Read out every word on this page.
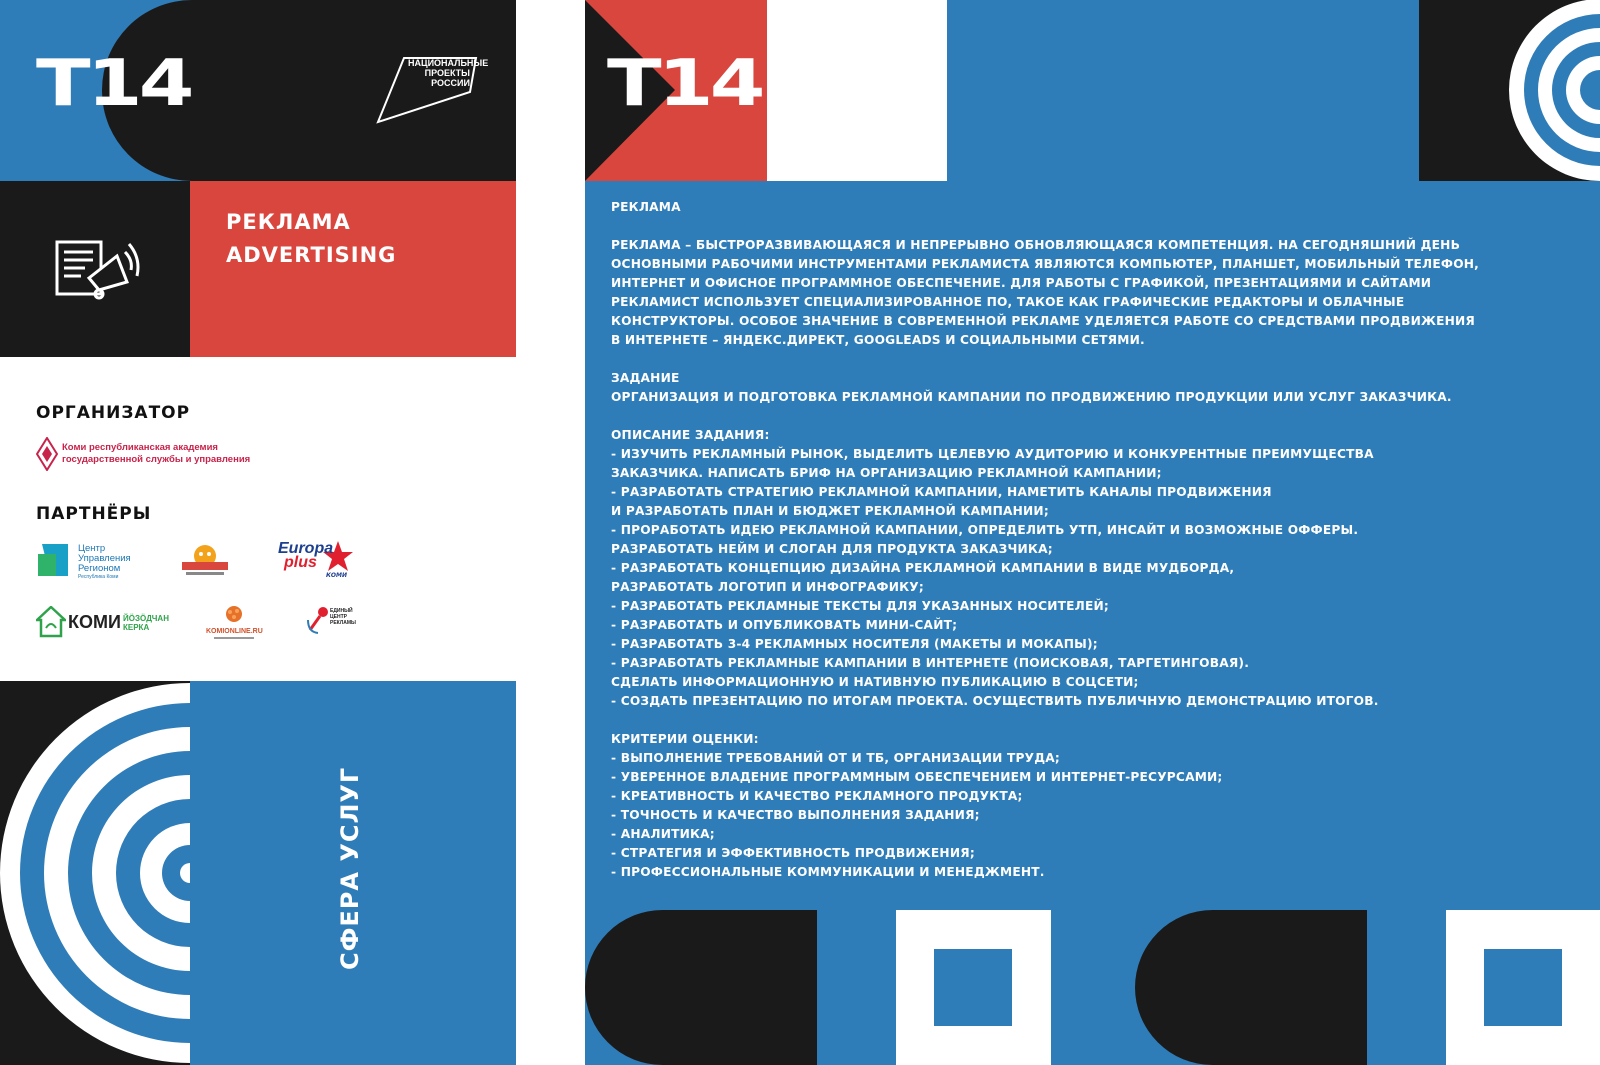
T14	НАЦИОНАЛЬНЫЕ ПРОЕКТЫ РОССИИ
РЕКЛАМА
ADVERTISING
ОРГАНИЗАТОР
Коми республиканская академия
государственной службы и управления
ПАРТНЁРЫ
Центр
Управления
Регионом
Республика Коми
Europa
plus
КОМИ
КОМИ ЙӦЗӦДЧАН
КЕРКА	KOMIONLINE.RU
ЕДИНЫЙ
ЦЕНТР
РЕКЛАМЫ
СФЕРА УСЛУГ
T14
РЕКЛАМА
РЕКЛАМА – БЫСТРОРАЗВИВАЮЩАЯСЯ И НЕПРЕРЫВНО ОБНОВЛЯЮЩАЯСЯ КОМПЕТЕНЦИЯ. НА СЕГОДНЯШНИЙ ДЕНЬ
ОСНОВНЫМИ РАБОЧИМИ ИНСТРУМЕНТАМИ РЕКЛАМИСТА ЯВЛЯЮТСЯ КОМПЬЮТЕР, ПЛАНШЕТ, МОБИЛЬНЫЙ ТЕЛЕФОН,
ИНТЕРНЕТ И ОФИСНОЕ ПРОГРАММНОЕ ОБЕСПЕЧЕНИЕ. ДЛЯ РАБОТЫ С ГРАФИКОЙ, ПРЕЗЕНТАЦИЯМИ И САЙТАМИ
РЕКЛАМИСТ ИСПОЛЬЗУЕТ СПЕЦИАЛИЗИРОВАННОЕ ПО, ТАКОЕ КАК ГРАФИЧЕСКИЕ РЕДАКТОРЫ И ОБЛАЧНЫЕ
КОНСТРУКТОРЫ. ОСОБОЕ ЗНАЧЕНИЕ В СОВРЕМЕННОЙ РЕКЛАМЕ УДЕЛЯЕТСЯ РАБОТЕ СО СРЕДСТВАМИ ПРОДВИЖЕНИЯ
В ИНТЕРНЕТЕ – ЯНДЕКС.ДИРЕКТ, GOOGLEADS И СОЦИАЛЬНЫМИ СЕТЯМИ.
ЗАДАНИЕ
ОРГАНИЗАЦИЯ И ПОДГОТОВКА РЕКЛАМНОЙ КАМПАНИИ ПО ПРОДВИЖЕНИЮ ПРОДУКЦИИ ИЛИ УСЛУГ ЗАКАЗЧИКА.
ОПИСАНИЕ ЗАДАНИЯ:
- ИЗУЧИТЬ РЕКЛАМНЫЙ РЫНОК, ВЫДЕЛИТЬ ЦЕЛЕВУЮ АУДИТОРИЮ И КОНКУРЕНТНЫЕ ПРЕИМУЩЕСТВА
ЗАКАЗЧИКА. НАПИСАТЬ БРИФ НА ОРГАНИЗАЦИЮ РЕКЛАМНОЙ КАМПАНИИ;
- РАЗРАБОТАТЬ СТРАТЕГИЮ РЕКЛАМНОЙ КАМПАНИИ, НАМЕТИТЬ КАНАЛЫ ПРОДВИЖЕНИЯ
И РАЗРАБОТАТЬ ПЛАН И БЮДЖЕТ РЕКЛАМНОЙ КАМПАНИИ;
- ПРОРАБОТАТЬ ИДЕЮ РЕКЛАМНОЙ КАМПАНИИ, ОПРЕДЕЛИТЬ УТП, ИНСАЙТ И ВОЗМОЖНЫЕ ОФФЕРЫ.
РАЗРАБОТАТЬ НЕЙМ И СЛОГАН ДЛЯ ПРОДУКТА ЗАКАЗЧИКА;
- РАЗРАБОТАТЬ КОНЦЕПЦИЮ ДИЗАЙНА РЕКЛАМНОЙ КАМПАНИИ В ВИДЕ МУДБОРДА,
РАЗРАБОТАТЬ ЛОГОТИП И ИНФОГРАФИКУ;
- РАЗРАБОТАТЬ РЕКЛАМНЫЕ ТЕКСТЫ ДЛЯ УКАЗАННЫХ НОСИТЕЛЕЙ;
- РАЗРАБОТАТЬ И ОПУБЛИКОВАТЬ МИНИ-САЙТ;
- РАЗРАБОТАТЬ 3-4 РЕКЛАМНЫХ НОСИТЕЛЯ (МАКЕТЫ И МОКАПЫ);
- РАЗРАБОТАТЬ РЕКЛАМНЫЕ КАМПАНИИ В ИНТЕРНЕТЕ (ПОИСКОВАЯ, ТАРГЕТИНГОВАЯ).
СДЕЛАТЬ ИНФОРМАЦИОННУЮ И НАТИВНУЮ ПУБЛИКАЦИЮ В СОЦСЕТИ;
- СОЗДАТЬ ПРЕЗЕНТАЦИЮ ПО ИТОГАМ ПРОЕКТА. ОСУЩЕСТВИТЬ ПУБЛИЧНУЮ ДЕМОНСТРАЦИЮ ИТОГОВ.
КРИТЕРИИ ОЦЕНКИ:
- ВЫПОЛНЕНИЕ ТРЕБОВАНИЙ ОТ И ТБ, ОРГАНИЗАЦИИ ТРУДА;
- УВЕРЕННОЕ ВЛАДЕНИЕ ПРОГРАММНЫМ ОБЕСПЕЧЕНИЕМ И ИНТЕРНЕТ-РЕСУРСАМИ;
- КРЕАТИВНОСТЬ И КАЧЕСТВО РЕКЛАМНОГО ПРОДУКТА;
- ТОЧНОСТЬ И КАЧЕСТВО ВЫПОЛНЕНИЯ ЗАДАНИЯ;
- АНАЛИТИКА;
- СТРАТЕГИЯ И ЭФФЕКТИВНОСТЬ ПРОДВИЖЕНИЯ;
- ПРОФЕССИОНАЛЬНЫЕ КОММУНИКАЦИИ И МЕНЕДЖМЕНТ.
